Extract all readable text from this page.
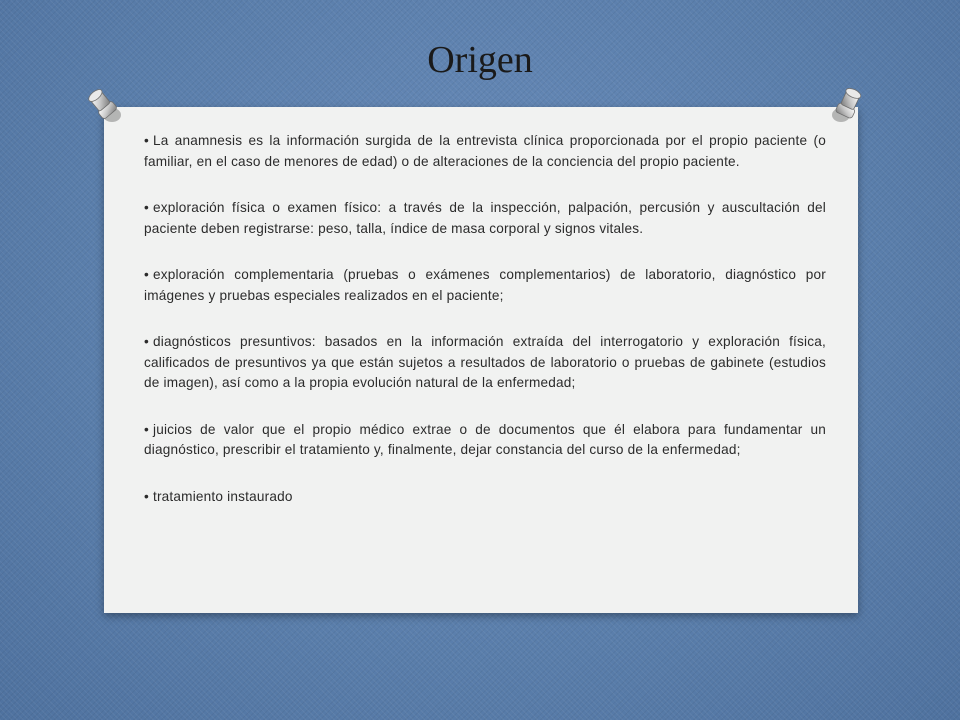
Origen

• La anamnesis es la información surgida de la entrevista clínica proporcionada por el propio paciente (o familiar, en el caso de menores de edad) o de alteraciones de la conciencia del propio paciente.

• exploración física o examen físico: a través de la inspección, palpación, percusión y auscultación del paciente deben registrarse: peso, talla, índice de masa corporal y signos vitales.

• exploración complementaria (pruebas o exámenes complementarios) de laboratorio, diagnóstico por imágenes y pruebas especiales realizados en el paciente;

• diagnósticos presuntivos: basados en la información extraída del interrogatorio y exploración física, calificados de presuntivos ya que están sujetos a resultados de laboratorio o pruebas de gabinete (estudios de imagen), así como a la propia evolución natural de la enfermedad;

• juicios de valor que el propio médico extrae o de documentos que él elabora para fundamentar un diagnóstico, prescribir el tratamiento y, finalmente, dejar constancia del curso de la enfermedad;

• tratamiento instaurado
